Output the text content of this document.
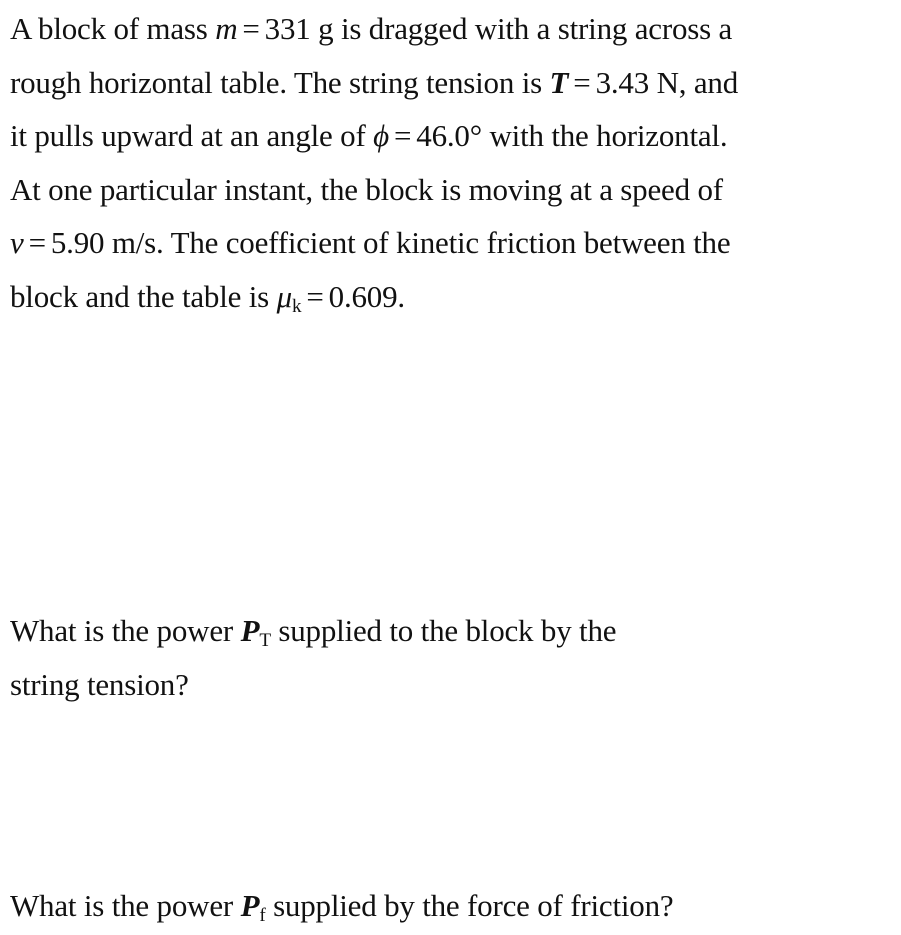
A block of mass m = 331 g is dragged with a string across a
rough horizontal table. The string tension is T = 3.43 N, and
it pulls upward at an angle of ϕ = 46.0° with the horizontal.
At one particular instant, the block is moving at a speed of
v = 5.90 m/s. The coefficient of kinetic friction between the
block and the table is $\mu_k = 0.609$.
What is the power $P_T$ supplied to the block by the
string tension?
What is the power $P_f$ supplied by the force of friction?
